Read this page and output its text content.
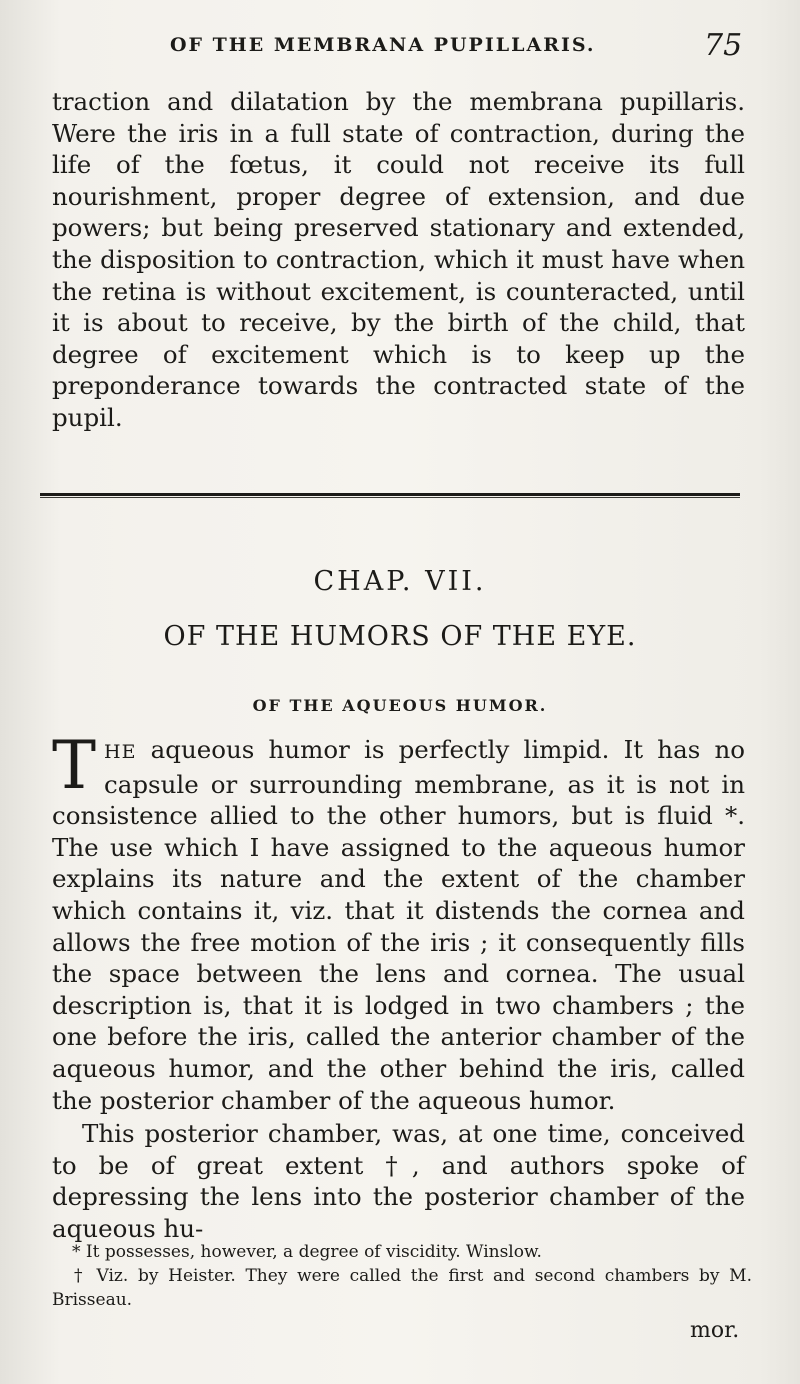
OF THE MEMBRANA PUPILLARIS.	75

traction and dilatation by the membrana pupillaris. Were the iris in a full state of contraction, during the life of the fœtus, it could not receive its full nourishment, proper degree of extension, and due powers; but being preserved stationary and extended, the disposition to contraction, which it must have when the retina is without excitement, is counteracted, until it is about to receive, by the birth of the child, that degree of excitement which is to keep up the preponderance towards the contracted state of the pupil.

CHAP. VII.
OF THE HUMORS OF THE EYE.
OF THE AQUEOUS HUMOR.

THE aqueous humor is perfectly limpid. It has no capsule or surrounding membrane, as it is not in consistence allied to the other humors, but is fluid *. The use which I have assigned to the aqueous humor explains its nature and the extent of the chamber which contains it, viz. that it distends the cornea and allows the free motion of the iris ; it consequently fills the space between the lens and cornea. The usual description is, that it is lodged in two chambers ; the one before the iris, called the anterior chamber of the aqueous humor, and the other behind the iris, called the posterior chamber of the aqueous humor.

This posterior chamber, was, at one time, conceived to be of great extent †, and authors spoke of depressing the lens into the posterior chamber of the aqueous hu-

* It possesses, however, a degree of viscidity. Winslow.

† Viz. by Heister. They were called the first and second chambers by M. Brisseau.

mor.
